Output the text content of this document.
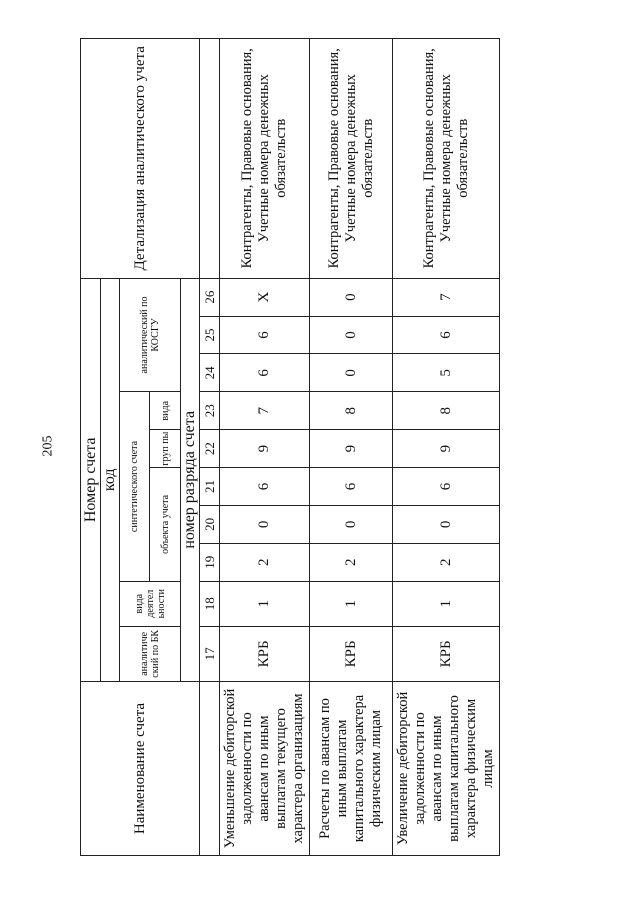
205
Наименование счета	Номер счета										Детализация аналитического учета
	код										
	аналитиче ский по БК	вида деятел ьности	синтетического счета					аналитический по КОСГУ			
			объекта учета			груп пы	вида				
	номер разряда счета										
	17	18	19	20	21	22	23	24	25	26	
Уменьшение дебиторской задолженности по авансам по иным выплатам текущего характера организациям	КРБ	1	2	0	6	9	7	6	6	Х	Контрагенты, Правовые основания, Учетные номера денежных обязательств
Расчеты по авансам по иным выплатам капитального характера физическим лицам	КРБ	1	2	0	6	9	8	0	0	0	Контрагенты, Правовые основания, Учетные номера денежных обязательств
Увеличение дебиторской задолженности по авансам по иным выплатам капитального характера физическим лицам	КРБ	1	2	0	6	9	8	5	6	7	Контрагенты, Правовые основания, Учетные номера денежных обязательств
